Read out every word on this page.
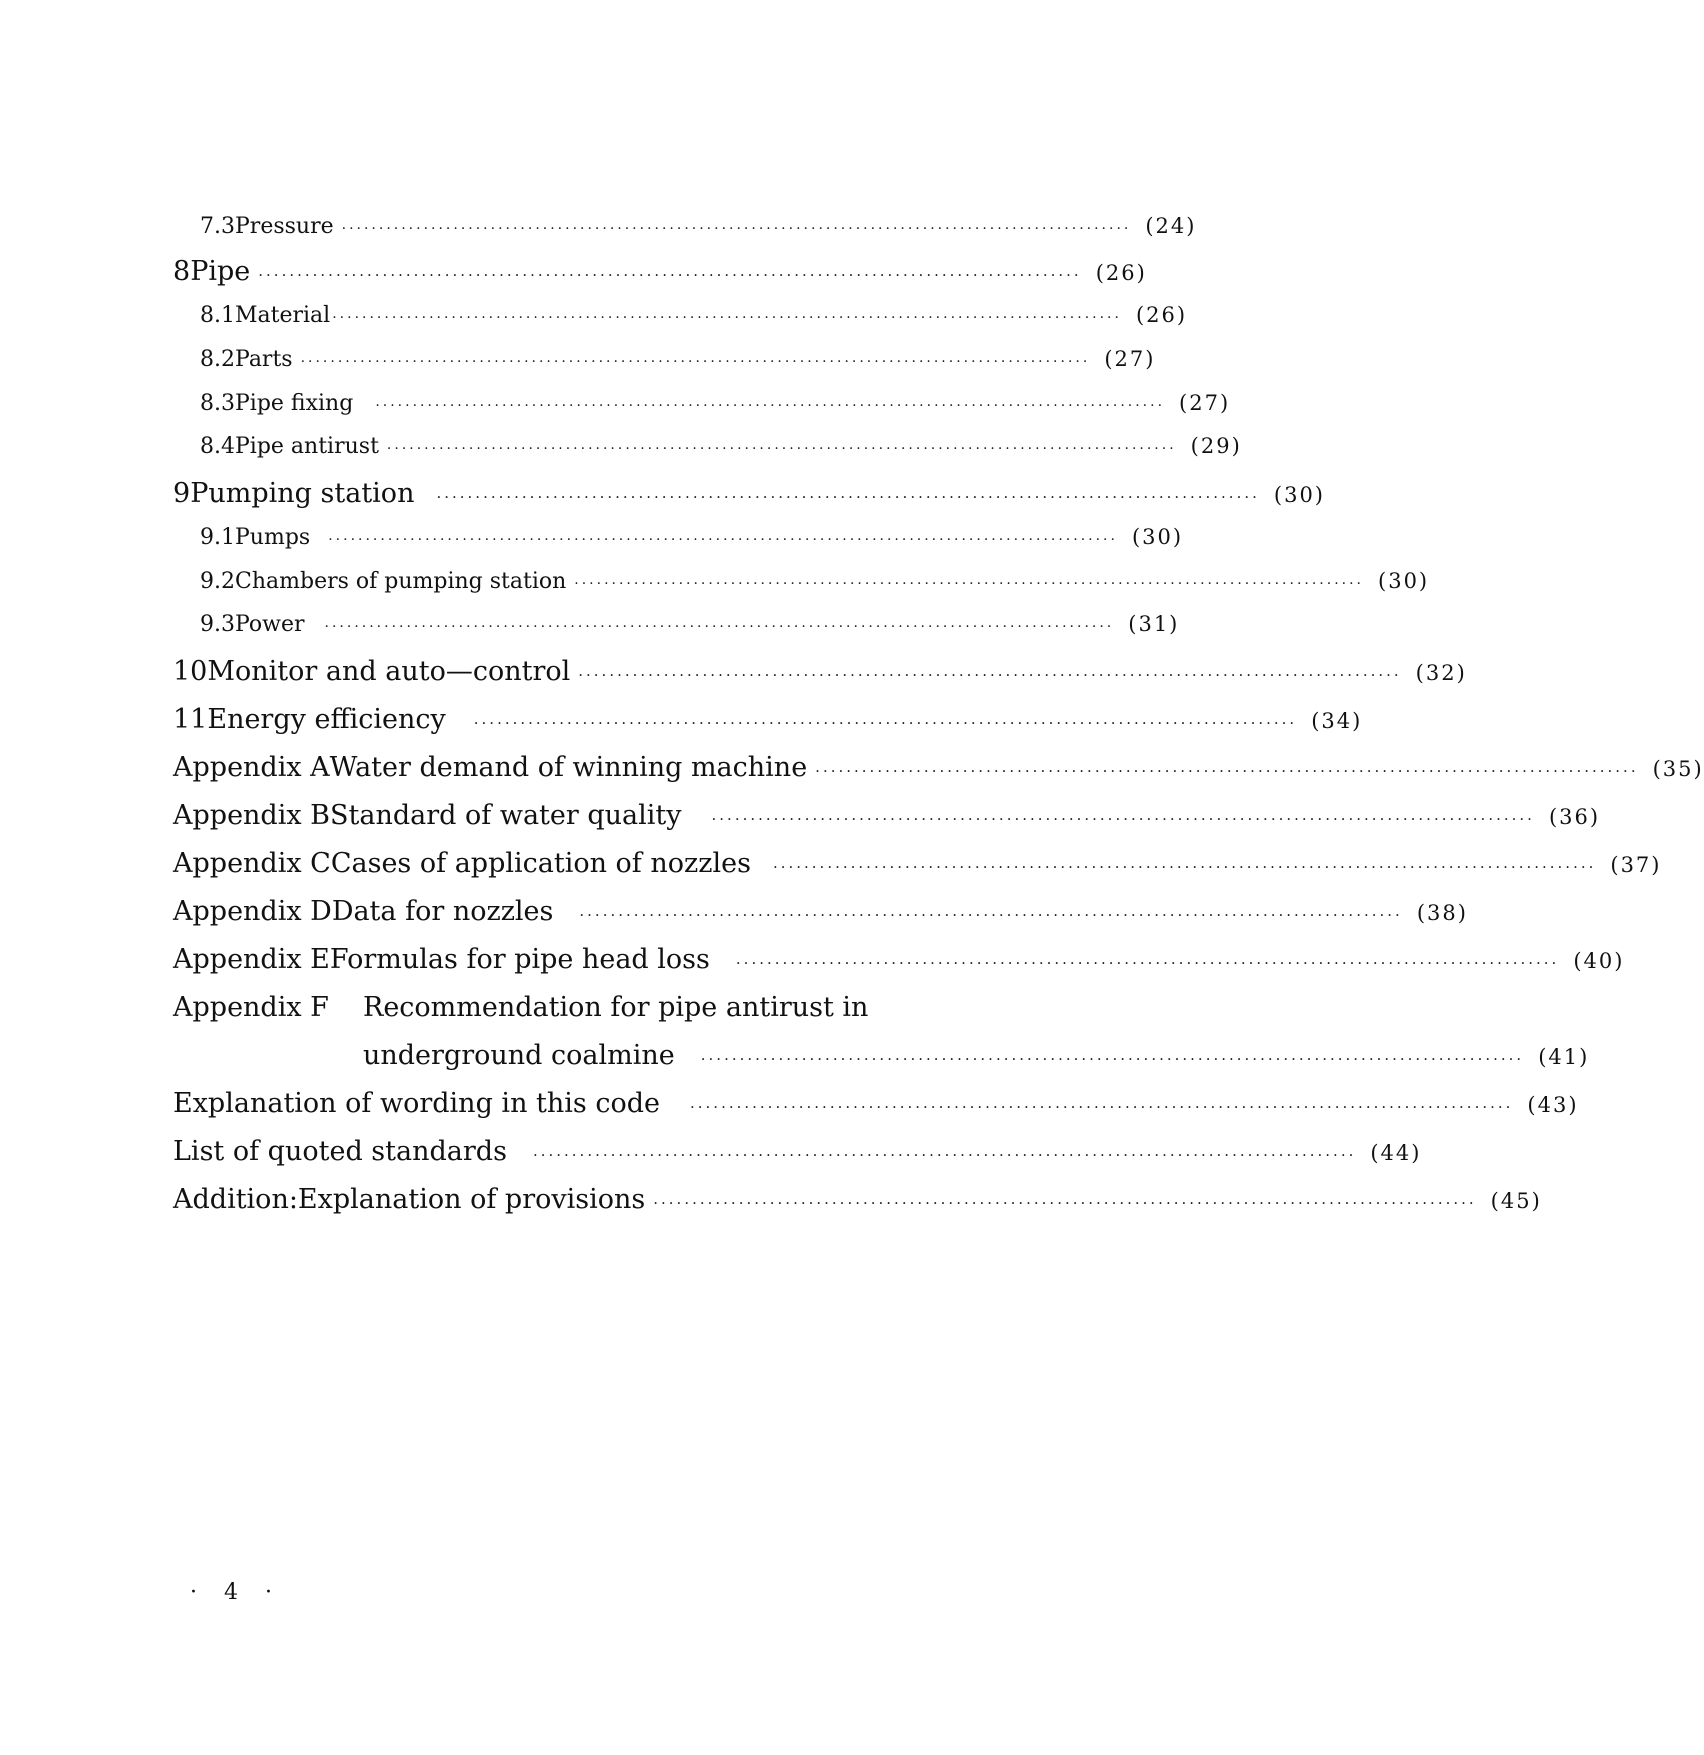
7.3 Pressure ·········································································································· (24)
8 Pipe ·········································································································· (26)
8.1 Material ·········································································································· (26)
8.2 Parts ·········································································································· (27)
8.3 Pipe fixing ·········································································································· (27)
8.4 Pipe antirust ·········································································································· (29)
9 Pumping station ·········································································································· (30)
9.1 Pumps ·········································································································· (30)
9.2 Chambers of pumping station ·········································································································· (30)
9.3 Power ·········································································································· (31)
10 Monitor and auto—control ·········································································································· (32)
11 Energy efficiency ·········································································································· (34)
Appendix A Water demand of winning machine ·········································································································· (35)
Appendix B Standard of water quality ·········································································································· (36)
Appendix C Cases of application of nozzles ·········································································································· (37)
Appendix D Data for nozzles ·········································································································· (38)
Appendix E Formulas for pipe head loss ·········································································································· (40)
Appendix F	Recommendation for pipe antirust in
underground coalmine ·········································································································· (41)
Explanation of wording in this code ·········································································································· (43)
List of quoted standards ·········································································································· (44)
Addition:Explanation of provisions ·········································································································· (45)
· 4 ·
